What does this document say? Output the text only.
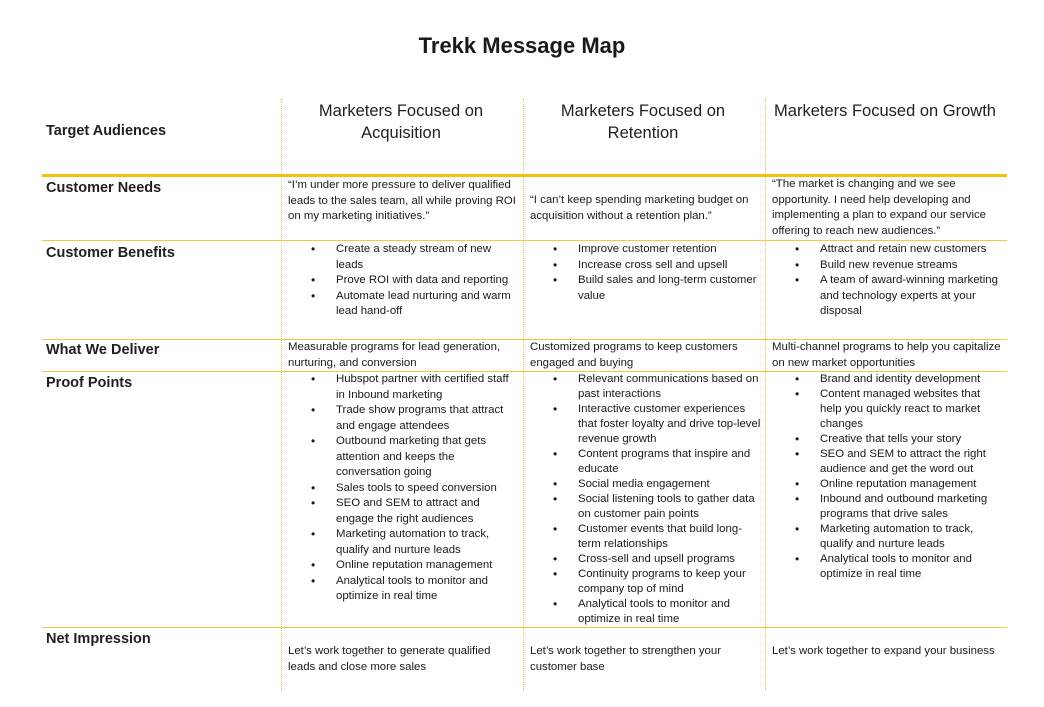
Trekk Message Map
Target Audiences
Marketers Focused on Acquisition
Marketers Focused on Retention
Marketers Focused on Growth
Customer Needs
Customer Benefits
What We Deliver
Proof Points
Net Impression
“I’m under more pressure to deliver qualified leads to the sales team, all while proving ROI on my marketing initiatives.”
“I can’t keep spending marketing budget on acquisition without a retention plan.”
“The market is changing and we see opportunity. I need help developing and implementing a plan to expand our service offering to reach new audiences.”
• Create a steady stream of new leads
• Prove ROI with data and reporting
• Automate lead nurturing and warm lead hand-off
• Improve customer retention
• Increase cross sell and upsell
• Build sales and long-term customer value
• Attract and retain new customers
• Build new revenue streams
• A team of award-winning marketing and technology experts at your disposal
Measurable programs for lead generation, nurturing, and conversion
Customized programs to keep customers engaged and buying
Multi-channel programs to help you capitalize on new market opportunities
• Hubspot partner with certified staff in Inbound marketing
• Trade show programs that attract and engage attendees
• Outbound marketing that gets attention and keeps the conversation going
• Sales tools to speed conversion
• SEO and SEM to attract and engage the right audiences
• Marketing automation to track, qualify and nurture leads
• Online reputation management
• Analytical tools to monitor and optimize in real time
• Relevant communications based on past interactions
• Interactive customer experiences that foster loyalty and drive top-level revenue growth
• Content programs that inspire and educate
• Social media engagement
• Social listening tools to gather data on customer pain points
• Customer events that build long-term relationships
• Cross-sell and upsell programs
• Continuity programs to keep your company top of mind
• Analytical tools to monitor and optimize in real time
• Brand and identity development
• Content managed websites that help you quickly react to market changes
• Creative that tells your story
• SEO and SEM to attract the right audience and get the word out
• Online reputation management
• Inbound and outbound marketing programs that drive sales
• Marketing automation to track, qualify and nurture leads
• Analytical tools to monitor and optimize in real time
Let’s work together to generate qualified leads and close more sales
Let’s work together to strengthen your customer base
Let’s work together to expand your business
